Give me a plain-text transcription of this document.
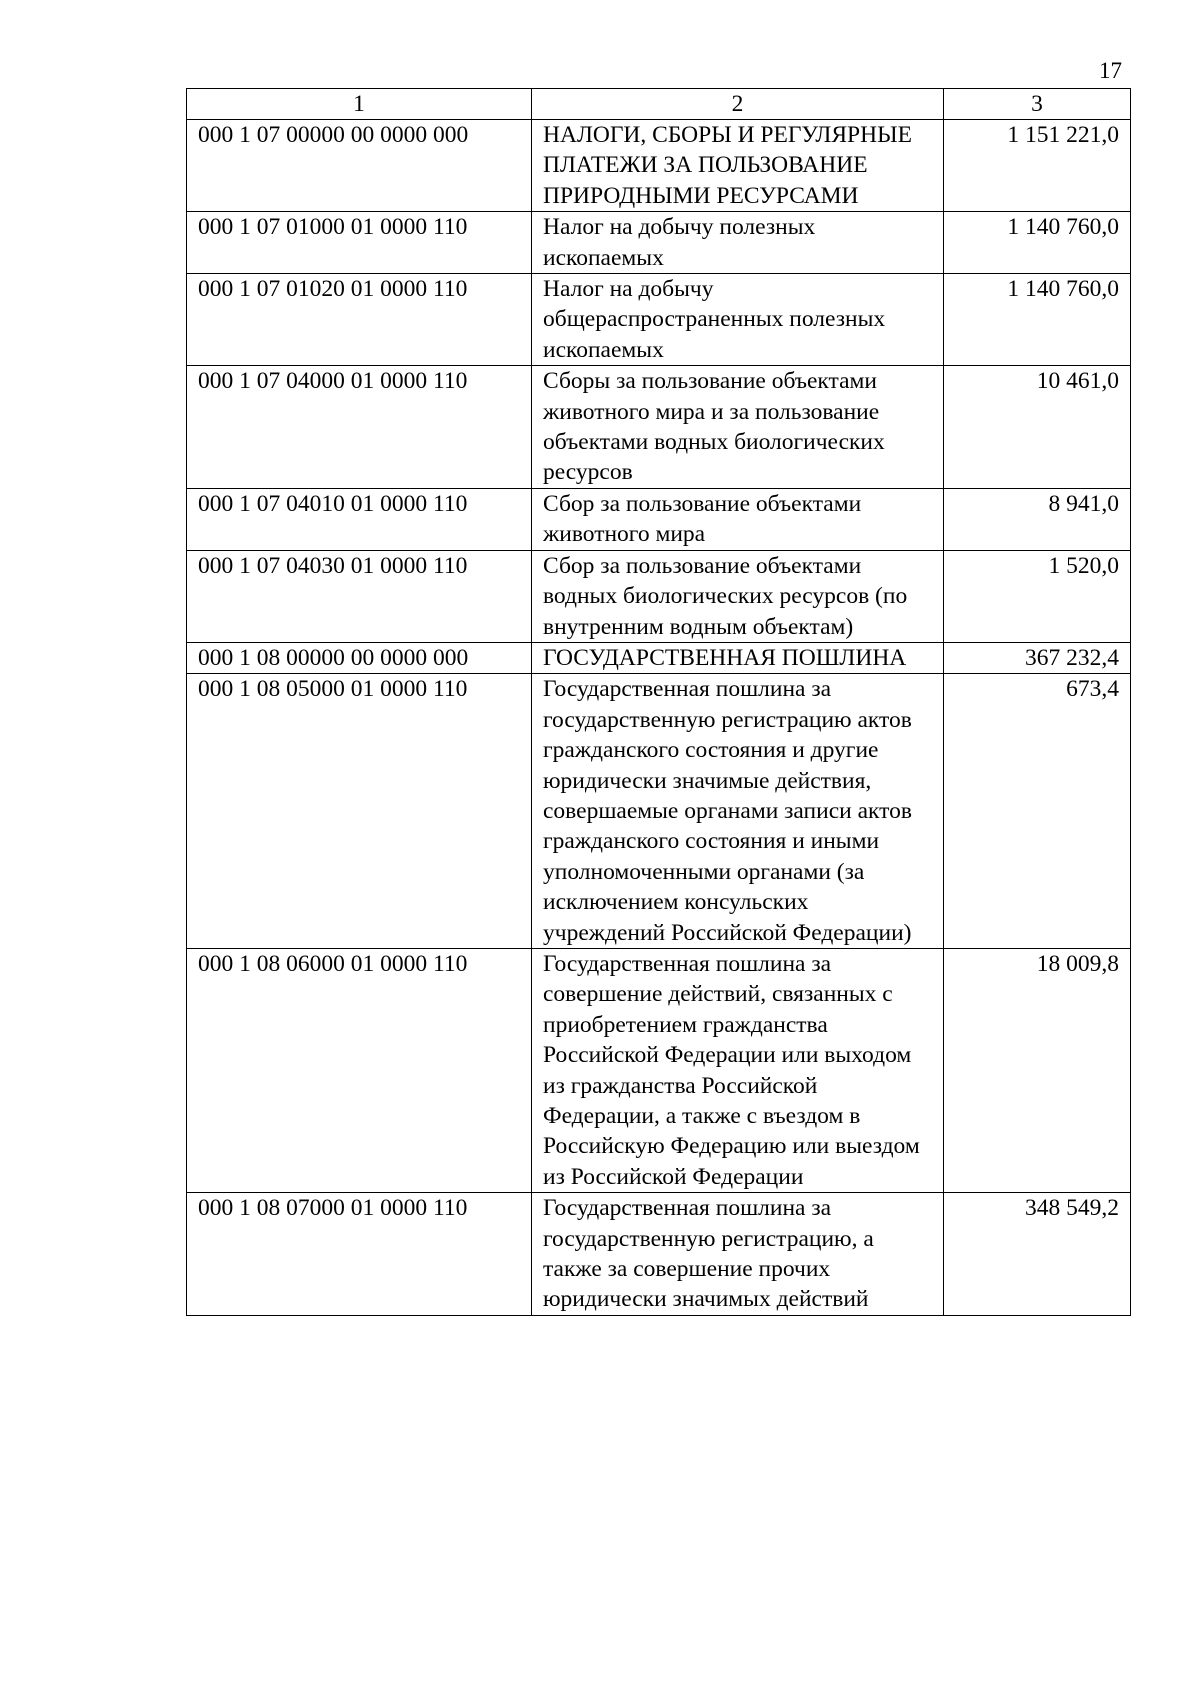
17
1	2	3
000 1 07 00000 00 0000 000	НАЛОГИ, СБОРЫ И РЕГУЛЯРНЫЕ ПЛАТЕЖИ ЗА ПОЛЬЗОВАНИЕ ПРИРОДНЫМИ РЕСУРСАМИ	1 151 221,0
000 1 07 01000 01 0000 110	Налог на добычу полезных ископаемых	1 140 760,0
000 1 07 01020 01 0000 110	Налог на добычу общераспространенных полезных ископаемых	1 140 760,0
000 1 07 04000 01 0000 110	Сборы за пользование объектами животного мира и за пользование объектами водных биологических ресурсов	10 461,0
000 1 07 04010 01 0000 110	Сбор за пользование объектами животного мира	8 941,0
000 1 07 04030 01 0000 110	Сбор за пользование объектами водных биологических ресурсов (по внутренним водным объектам)	1 520,0
000 1 08 00000 00 0000 000	ГОСУДАРСТВЕННАЯ ПОШЛИНА	367 232,4
000 1 08 05000 01 0000 110	Государственная пошлина за государственную регистрацию актов гражданского состояния и другие юридически значимые действия, совершаемые органами записи актов гражданского состояния и иными уполномоченными органами (за исключением консульских учреждений Российской Федерации)	673,4
000 1 08 06000 01 0000 110	Государственная пошлина за совершение действий, связанных с приобретением гражданства Российской Федерации или выходом из гражданства Российской Федерации, а также с въездом в Российскую Федерацию или выездом из Российской Федерации	18 009,8
000 1 08 07000 01 0000 110	Государственная пошлина за государственную регистрацию, а также за совершение прочих юридически значимых действий	348 549,2
